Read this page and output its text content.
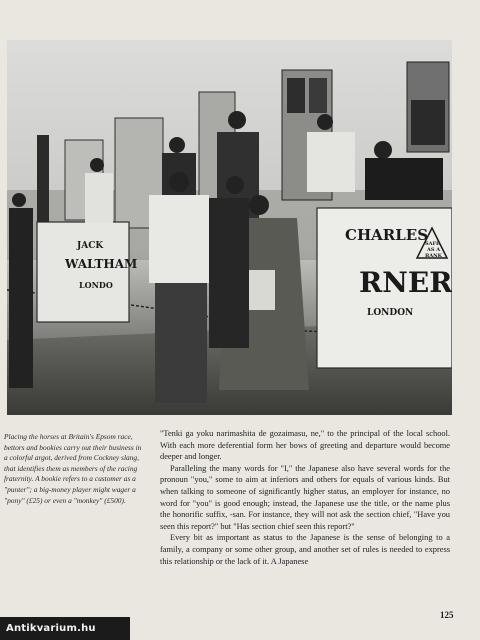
JACK
WALTHAM
LONDO
CHARLES
RNER
LONDON
SAFE
AS A
BANK

Placing the horses at Britain's Epsom race, bettors and bookies carry out their business in a colorful argot, derived from Cockney slang, that identifies them as members of the racing fraternity. A bookie refers to a customer as a "punter"; a big-money player might wager a "pony" (£25) or even a "monkey" (£500).

"Tenki ga yoku narimashita de gozaimasu, ne," to the principal of the local school. With each more deferential form her bows of greeting and departure would become deeper and longer.

Paralleling the many words for "I," the Japanese also have several words for the pronoun "you," some to aim at inferiors and others for equals of various kinds. But when talking to someone of significantly higher status, an employer for instance, no word for "you" is good enough; instead, the Japanese use the title, or the name plus the honorific suffix, -san. For instance, they will not ask the section chief, "Have you seen this report?" but "Has section chief seen this report?"

Every bit as important as status to the Japanese is the sense of belonging to a family, a company or some other group, and another set of rules is needed to express this relationship or the lack of it. A Japanese

125
Antikvarium.hu
